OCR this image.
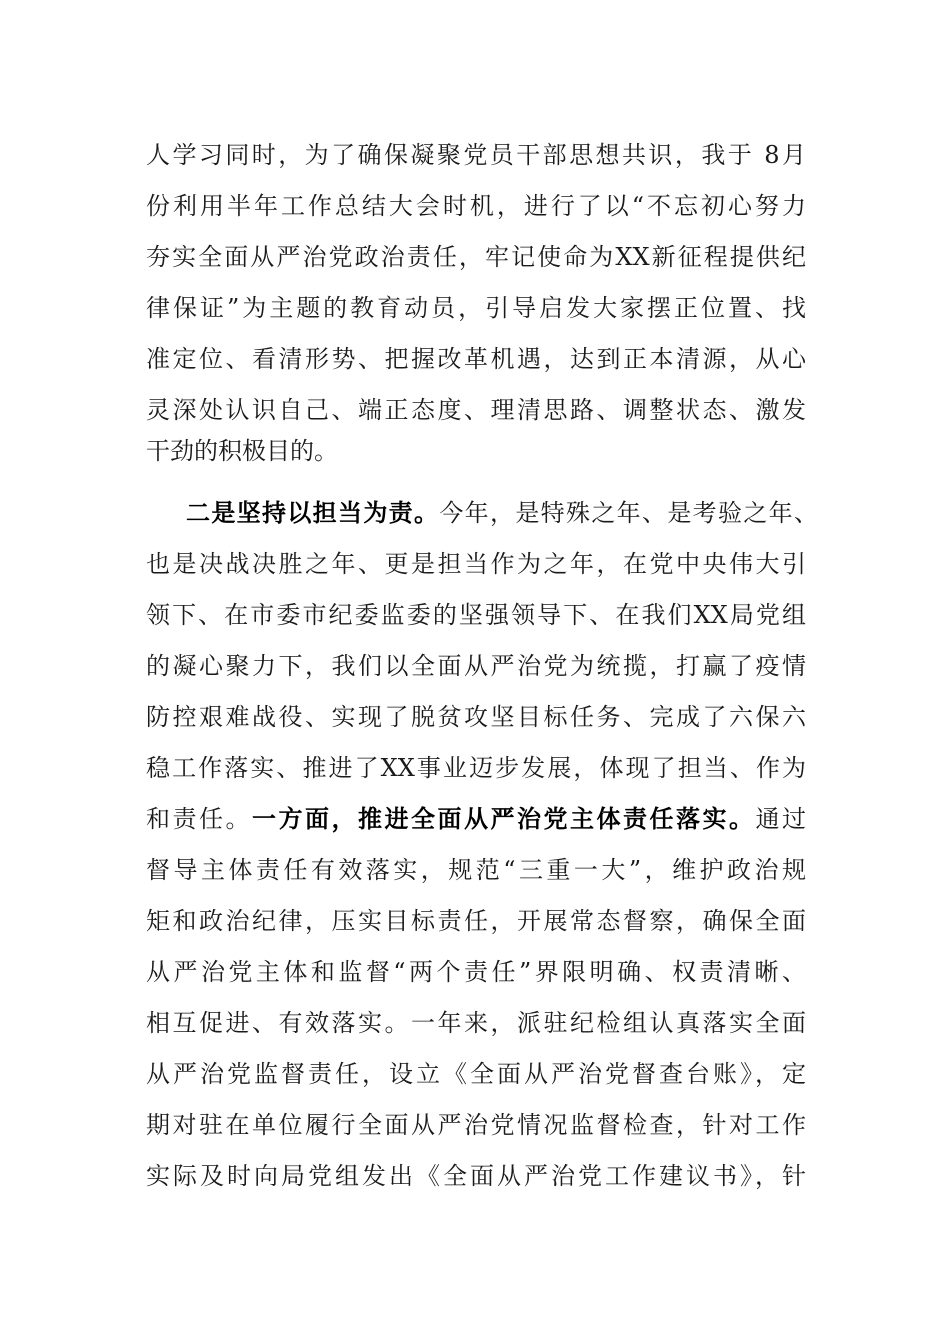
人学习同时，为了确保凝聚党员干部思想共识，我于 8月
份利用半年工作总结大会时机，进行了以“不忘初心努力
夯实全面从严治党政治责任，牢记使命为XX新征程提供纪
律保证”为主题的教育动员，引导启发大家摆正位置、找
准定位、看清形势、把握改革机遇，达到正本清源，从心
灵深处认识自己、端正态度、理清思路、调整状态、激发
干劲的积极目的。
二是坚持以担当为责。今年，是特殊之年、是考验之年、
也是决战决胜之年、更是担当作为之年，在党中央伟大引
领下、在市委市纪委监委的坚强领导下、在我们XX局党组
的凝心聚力下，我们以全面从严治党为统揽，打赢了疫情
防控艰难战役、实现了脱贫攻坚目标任务、完成了六保六
稳工作落实、推进了XX事业迈步发展，体现了担当、作为
和责任。一方面，推进全面从严治党主体责任落实。通过
督导主体责任有效落实，规范“三重一大”，维护政治规
矩和政治纪律，压实目标责任，开展常态督察，确保全面
从严治党主体和监督“两个责任”界限明确、权责清晰、
相互促进、有效落实。一年来，派驻纪检组认真落实全面
从严治党监督责任，设立《全面从严治党督查台账》，定
期对驻在单位履行全面从严治党情况监督检查，针对工作
实际及时向局党组发出《全面从严治党工作建议书》，针
